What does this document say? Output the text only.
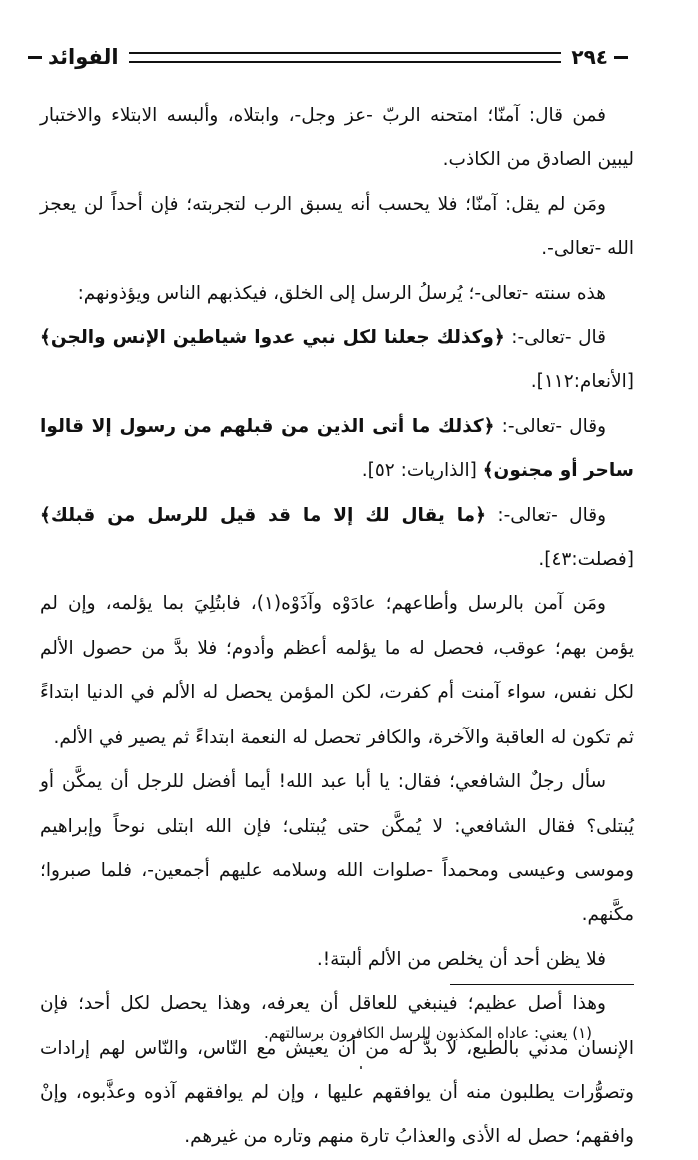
٢٩٤
الفوائد

فمن قال: آمنّا؛ امتحنه الربّ -عز وجل-، وابتلاه، وألبسه الابتلاء والاختبار ليبين الصادق من الكاذب.

ومَن لم يقل: آمنّا؛ فلا يحسب أنه يسبق الرب لتجربته؛ فإن أحداً لن يعجز الله -تعالى-.

هذه سنته -تعالى-؛ يُرسلُ الرسل إلى الخلق، فيكذبهم الناس ويؤذونهم:

قال -تعالى-: ﴿وكذلك جعلنا لكل نبي عدوا شياطين الإنس والجن﴾ [الأنعام:١١٢].

وقال -تعالى-: ﴿كذلك ما أتى الذين من قبلهم من رسول إلا قالوا ساحر أو مجنون﴾ [الذاريات: ٥٢].

وقال -تعالى-: ﴿ما يقال لك إلا ما قد قيل للرسل من قبلك﴾ [فصلت:٤٣].

ومَن آمن بالرسل وأطاعهم؛ عادَوْه وآذَوْه(١)، فابتُلِيَ بما يؤلمه، وإن لم يؤمن بهم؛ عوقب، فحصل له ما يؤلمه أعظم وأدوم؛ فلا بدَّ من حصول الألم لكل نفس، سواء آمنت أم كفرت، لكن المؤمن يحصل له الألم في الدنيا ابتداءً ثم تكون له العاقبة والآخرة، والكافر تحصل له النعمة ابتداءً ثم يصير في الألم.

سأل رجلٌ الشافعي؛ فقال: يا أبا عبد الله! أيما أفضل للرجل أن يمكَّن أو يُبتلى؟ فقال الشافعي: لا يُمكَّن حتى يُبتلى؛ فإن الله ابتلى نوحاً وإبراهيم وموسى وعيسى ومحمداً -صلوات الله وسلامه عليهم أجمعين-، فلما صبروا؛ مكَّنهم.

فلا يظن أحد أن يخلص من الألم ألبتة!.

وهذا أصل عظيم؛ فينبغي للعاقل أن يعرفه، وهذا يحصل لكل أحد؛ فإن الإنسان مدني بالطبع، لا بدَّ له من أن يعيش مع النّاس، والنّاس لهم إرادات وتصوُّرات يطلبون منه أن يوافقهم عليها ، وإن لم يوافقهم آذوه وعذَّبوه، وإنْ وافقهم؛ حصل له الأذى والعذابُ تارة منهم وتاره من غيرهم.

(١) يعني: عاداه المكذبون للرسل الكافرون برسالتهم.
